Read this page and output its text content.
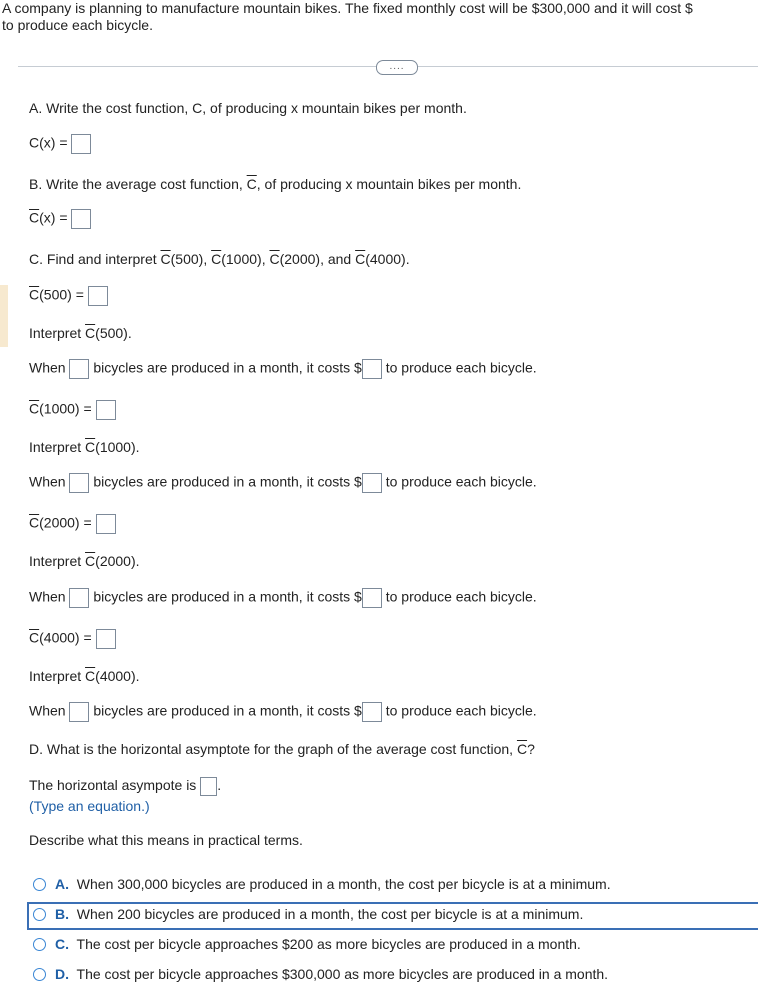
A company is planning to manufacture mountain bikes. The fixed monthly cost will be $300,000 and it will cost $
to produce each bicycle.
....
A. Write the cost function, C, of producing x mountain bikes per month.
C(x) =
B. Write the average cost function, $\overline{C}$, of producing x mountain bikes per month.
$\overline{C}(x)$ =
C. Find and interpret $\overline{C}(500)$, $\overline{C}(1000)$, $\overline{C}(2000)$, and $\overline{C}(4000)$.
$\overline{C}(500)$ =
Interpret $\overline{C}(500)$.
When bicycles are produced in a month, it costs $ to produce each bicycle.
$\overline{C}(1000)$ =
Interpret $\overline{C}(1000)$.
When bicycles are produced in a month, it costs $ to produce each bicycle.
$\overline{C}(2000)$ =
Interpret $\overline{C}(2000)$.
When bicycles are produced in a month, it costs $ to produce each bicycle.
$\overline{C}(4000)$ =
Interpret $\overline{C}(4000)$.
When bicycles are produced in a month, it costs $ to produce each bicycle.
D. What is the horizontal asymptote for the graph of the average cost function, $\overline{C}$?
The horizontal asympote is .
(Type an equation.)
Describe what this means in practical terms.
A. When 300,000 bicycles are produced in a month, the cost per bicycle is at a minimum.
B. When 200 bicycles are produced in a month, the cost per bicycle is at a minimum.
C. The cost per bicycle approaches $200 as more bicycles are produced in a month.
D. The cost per bicycle approaches $300,000 as more bicycles are produced in a month.
